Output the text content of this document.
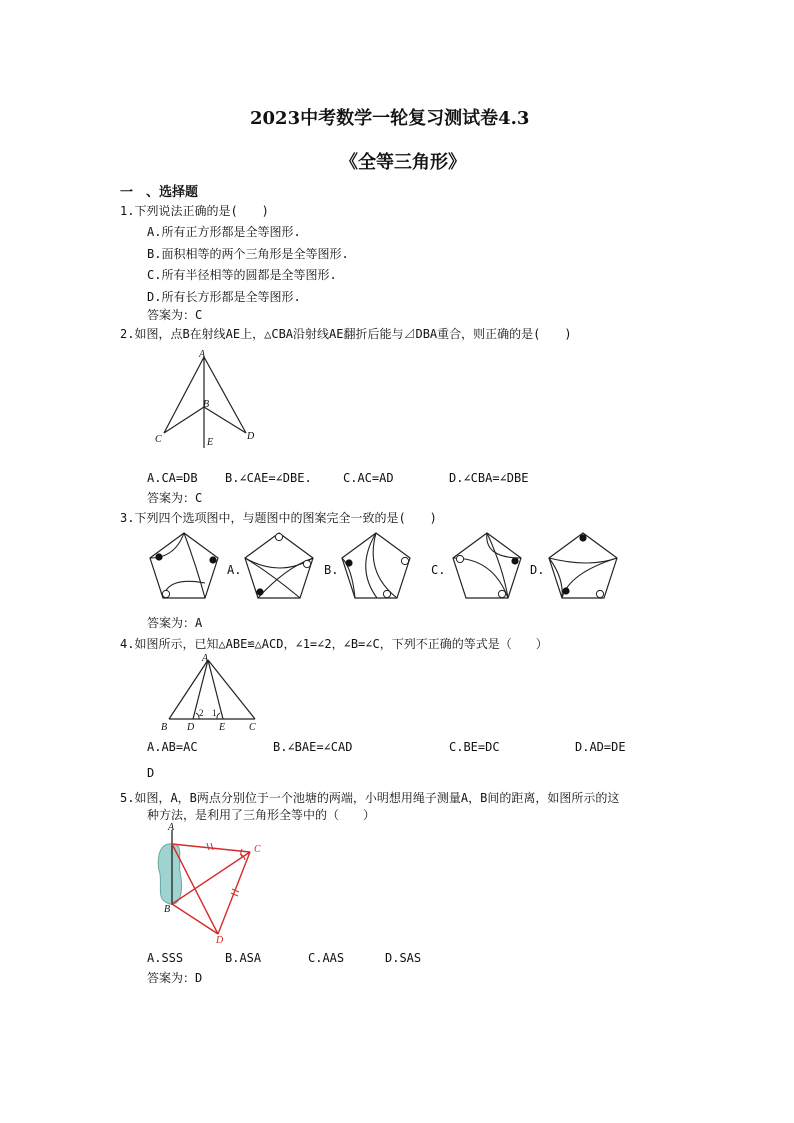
2023中考数学一轮复习测试卷4.3
《全等三角形》
一　、选择题
1.下列说法正确的是(　　)
A.所有正方形都是全等图形.
B.面积相等的两个三角形是全等图形.
C.所有半径相等的圆都是全等图形.
D.所有长方形都是全等图形.
答案为：C
2.如图，点B在射线AE上，△CBA沿射线AE翻折后能与⊿DBA重合，则正确的是(　　)
A
B
C	D
E
A.CA=DB B.∠CAE=∠DBE.	C.AC=AD	D.∠CBA=∠DBE
答案为：C
3.下列四个选项图中，与题图中的图案完全一致的是(　　)
A.	B.	C.	D.
答案为：A
4.如图所示，已知△ABE≌△ACD，∠1=∠2，∠B=∠C，下列不正确的等式是（　　）
A
B D E C
2 1
A.AB=AC	B.∠BAE=∠CAD	C.BE=DC	D.AD=DE
D
5.如图，A，B两点分别位于一个池塘的两端，小明想用绳子测量A，B间的距离，如图所示的这
种方法，是利用了三角形全等中的（　　）
A
B
C
D
A.SSS	B.ASA	C.AAS	D.SAS
答案为：D
